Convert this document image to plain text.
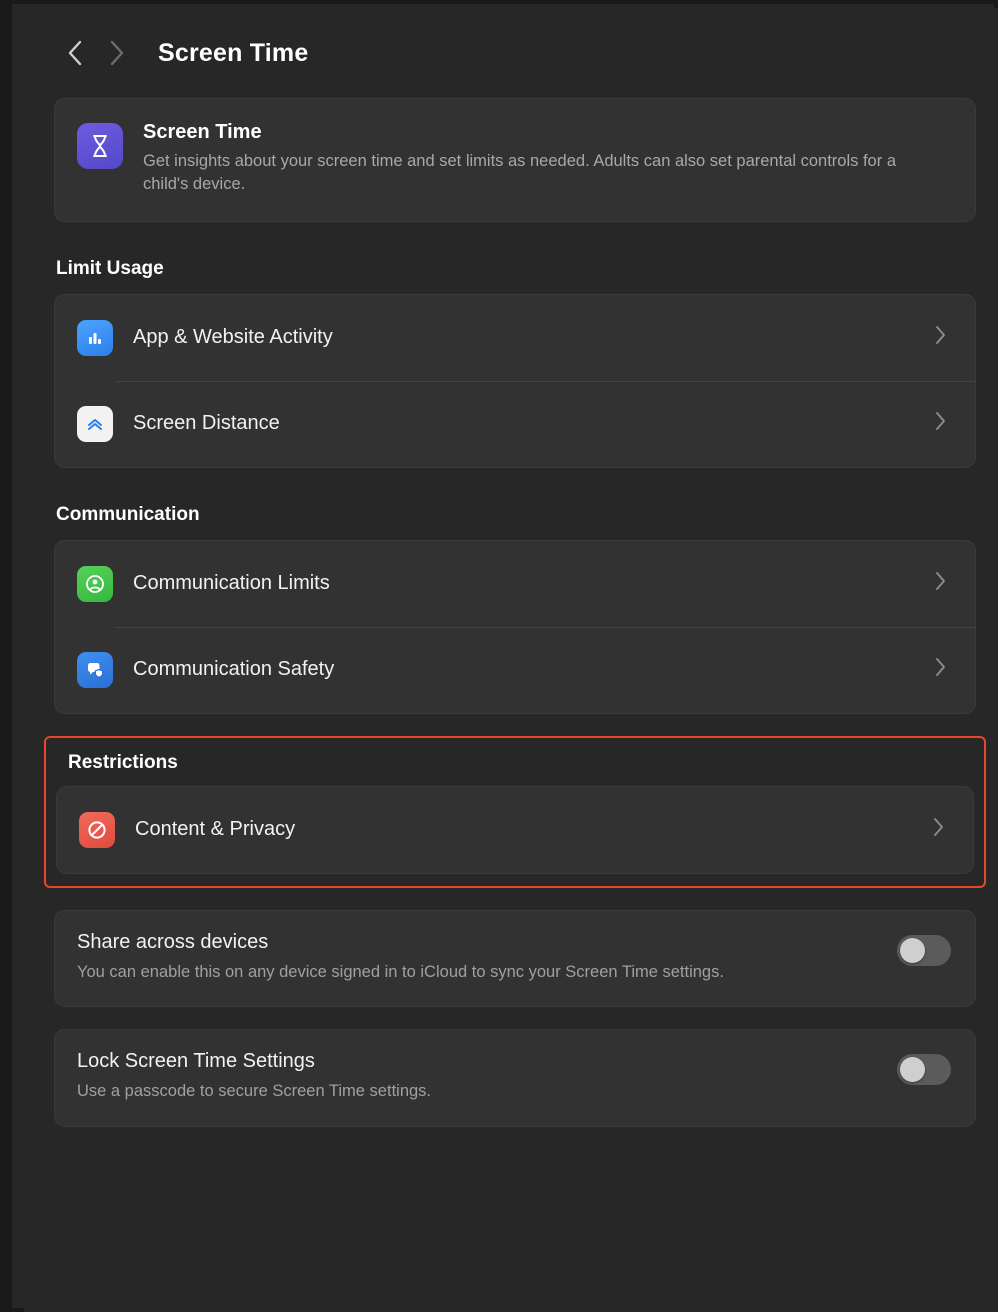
Screen Time
Screen Time
Get insights about your screen time and set limits as needed. Adults can also set parental controls for a child's device.
Limit Usage
App & Website Activity
Screen Distance
Communication
Communication Limits
Communication Safety
Restrictions
Content & Privacy
Share across devices
You can enable this on any device signed in to iCloud to sync your Screen Time settings.
Lock Screen Time Settings
Use a passcode to secure Screen Time settings.
